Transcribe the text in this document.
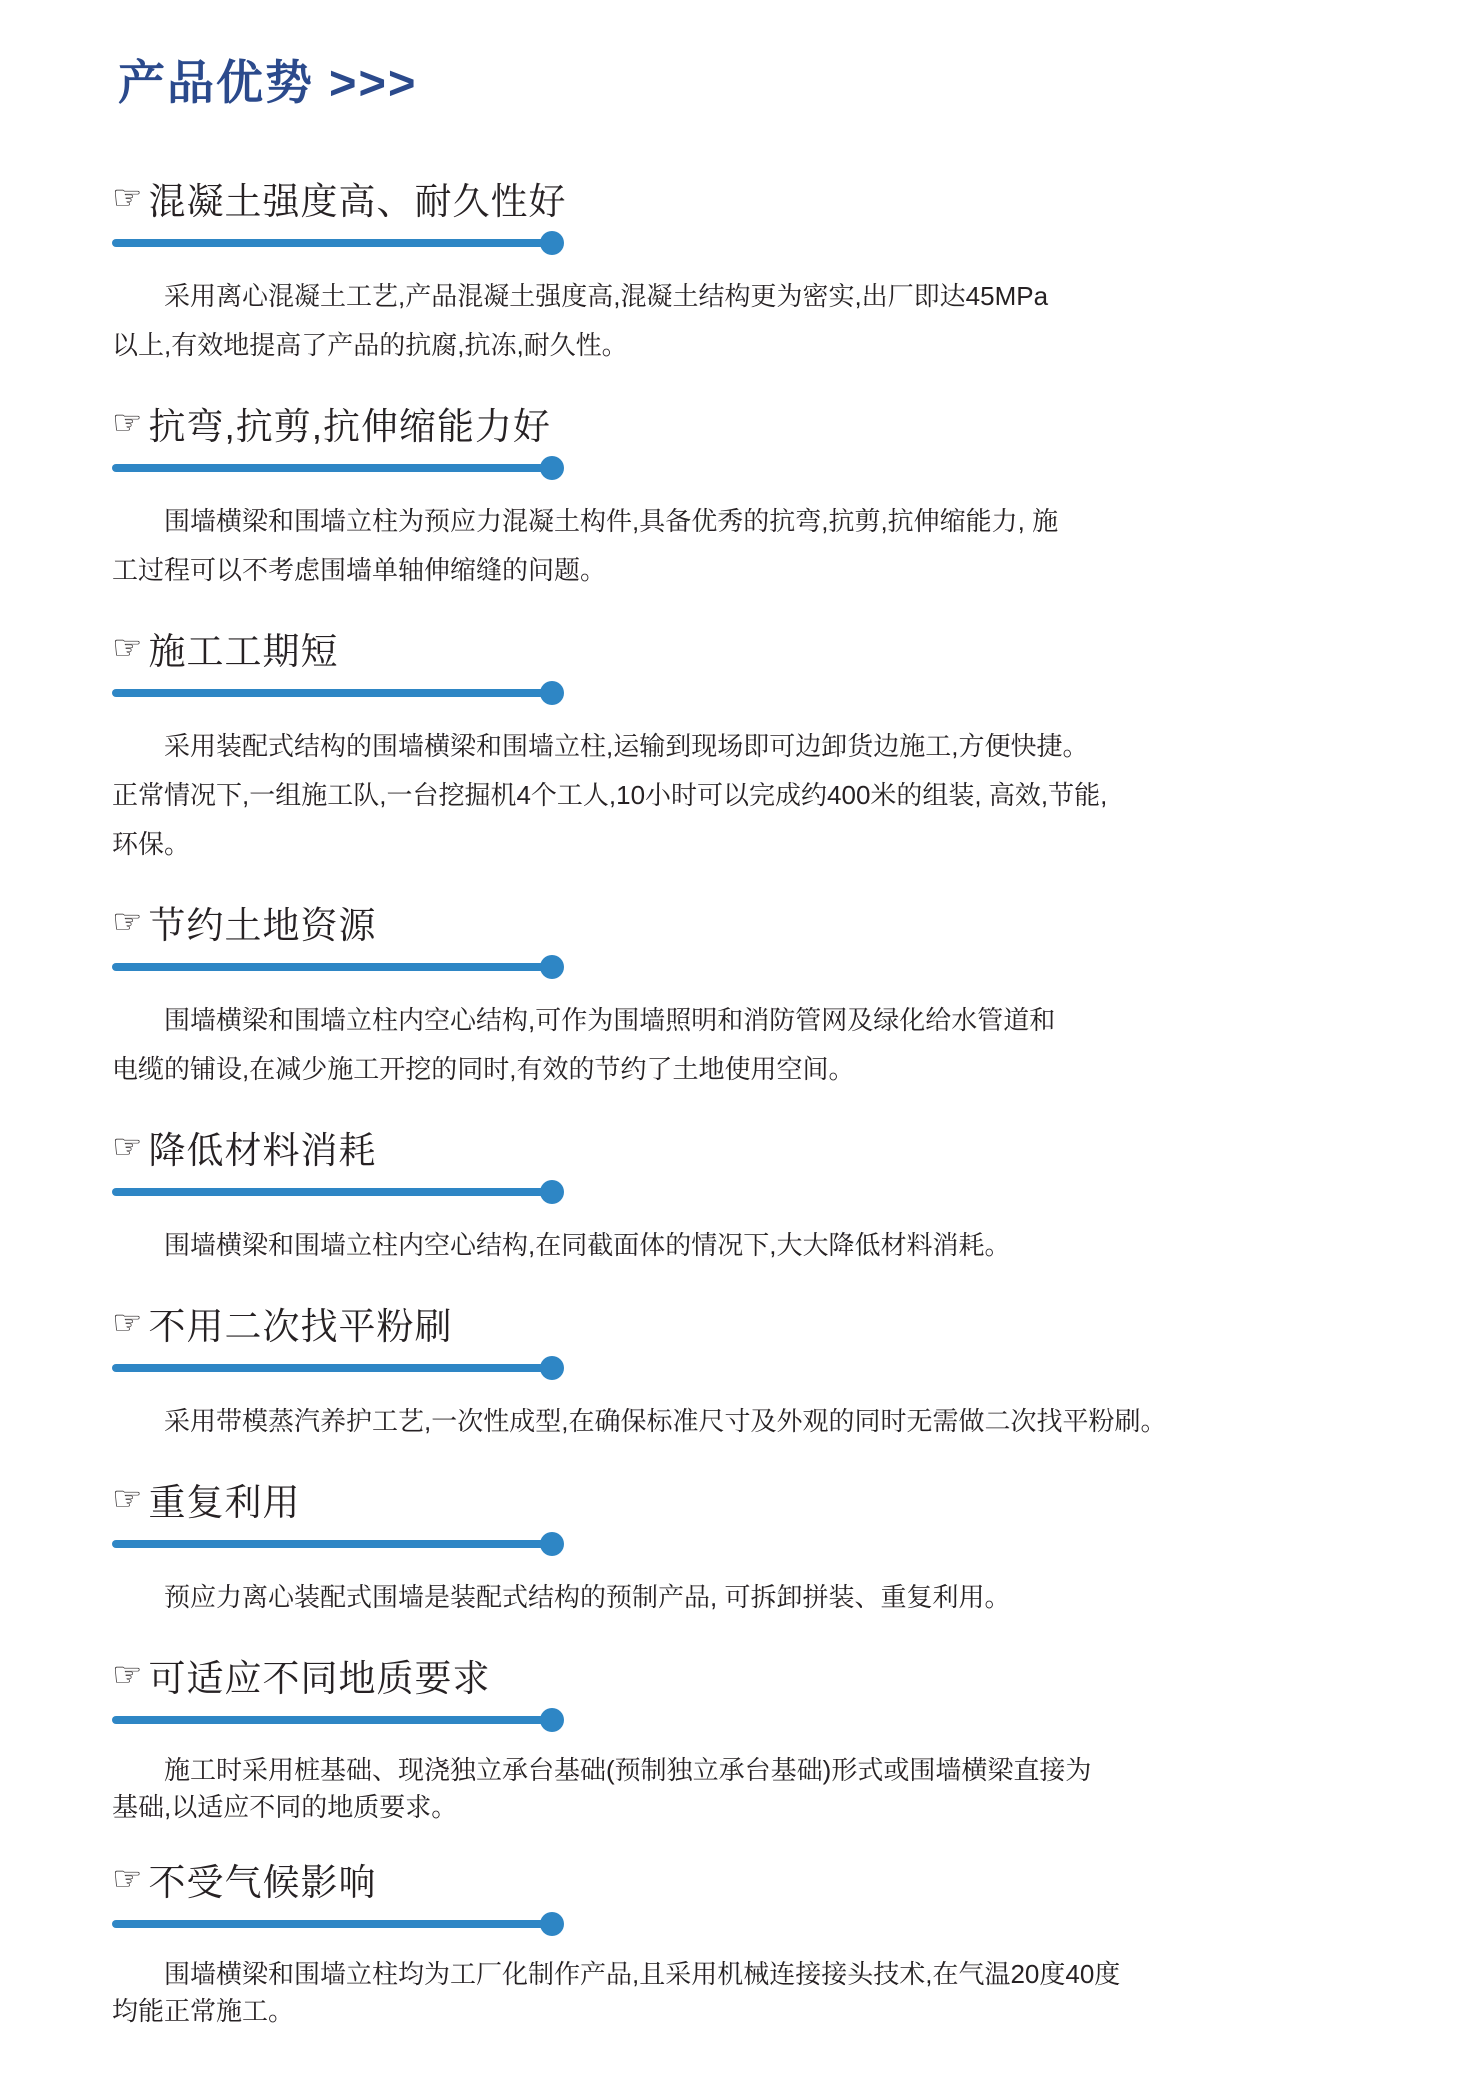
产品优势 >>>
☞ 混凝土强度高、耐久性好
采用离心混凝土工艺,产品混凝土强度高,混凝土结构更为密实,出厂即达45MPa
以上,有效地提高了产品的抗腐,抗冻,耐久性。
☞ 抗弯,抗剪,抗伸缩能力好
围墙横梁和围墙立柱为预应力混凝土构件,具备优秀的抗弯,抗剪,抗伸缩能力, 施
工过程可以不考虑围墙单轴伸缩缝的问题。
☞ 施工工期短
采用装配式结构的围墙横梁和围墙立柱,运输到现场即可边卸货边施工,方便快捷。
正常情况下,一组施工队,一台挖掘机4个工人,10小时可以完成约400米的组装, 高效,节能,
环保。
☞ 节约土地资源
围墙横梁和围墙立柱内空心结构,可作为围墙照明和消防管网及绿化给水管道和
电缆的铺设,在减少施工开挖的同时,有效的节约了土地使用空间。
☞ 降低材料消耗
围墙横梁和围墙立柱内空心结构,在同截面体的情况下,大大降低材料消耗。
☞ 不用二次找平粉刷
采用带模蒸汽养护工艺,一次性成型,在确保标准尺寸及外观的同时无需做二次找平粉刷。
☞ 重复利用
预应力离心装配式围墙是装配式结构的预制产品, 可拆卸拼装、重复利用。
☞ 可适应不同地质要求
施工时采用桩基础、现浇独立承台基础(预制独立承台基础)形式或围墙横梁直接为
基础,以适应不同的地质要求。
☞ 不受气候影响
围墙横梁和围墙立柱均为工厂化制作产品,且采用机械连接接头技术,在气温20度40度
均能正常施工。
